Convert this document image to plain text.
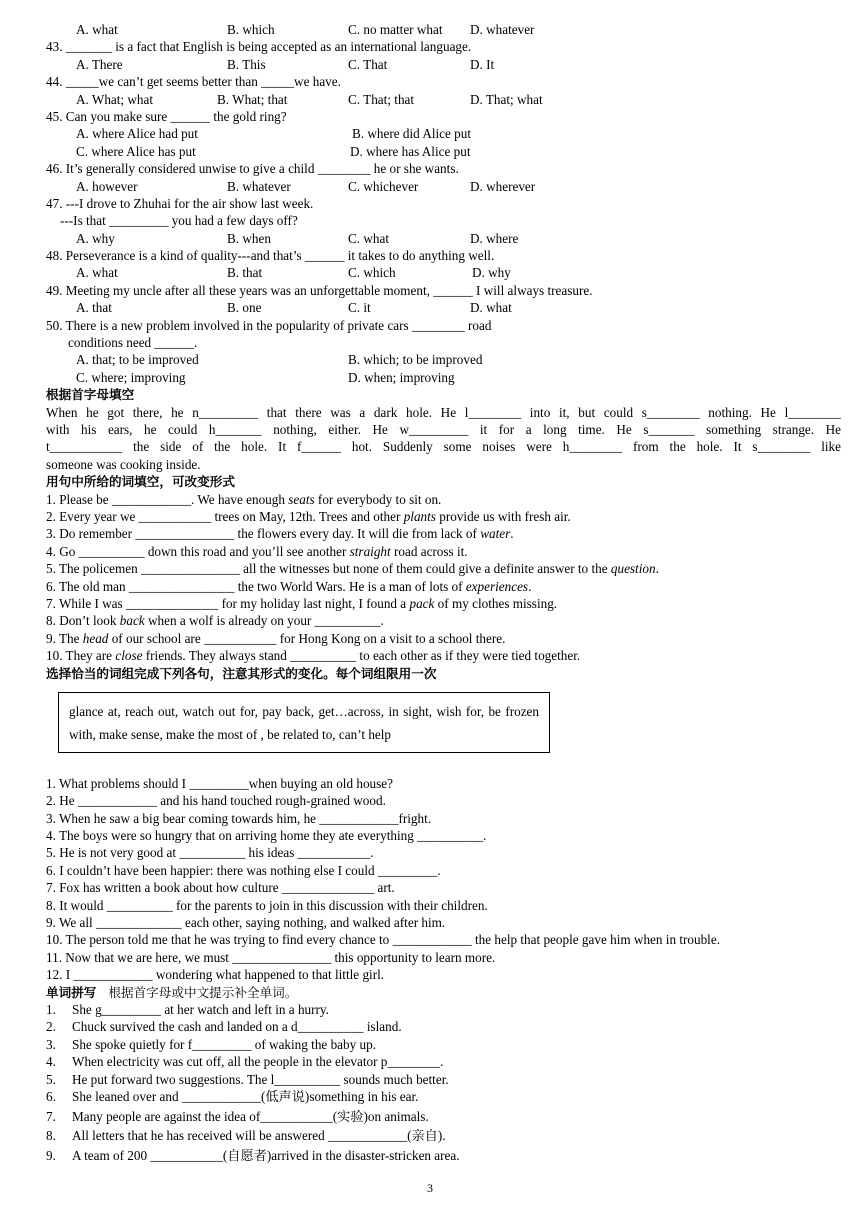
A. what	B. which	C. no matter what D. whatever
43. _______ is a fact that English is being accepted as an international language.
A. There	B. This	C. That	D. It
44. _____we can’t get seems better than _____we have.
A. What; what	B. What; that	C. That; that	D. That; what
45. Can you make sure ______ the gold ring?
A. where Alice had put	B. where did Alice put
C. where Alice has put	D. where has Alice put
46. It’s generally considered unwise to give a child ________ he or she wants.
A. however	B. whatever	C. whichever	D. wherever
47. ---I drove to Zhuhai for the air show last week.
---Is that _________ you had a few days off?
A. why	B. when	C. what	D. where
48. Perseverance is a kind of quality---and that’s ______ it takes to do anything well.
A. what	B. that	C. which	D. why
49. Meeting my uncle after all these years was an unforgettable moment, ______ I will always treasure.
A. that	B. one	C. it	D. what
50. There is a new problem involved in the popularity of private cars ________ road
conditions need ______.
A. that; to be improved	B. which; to be improved
C. where; improving	D. when; improving
根据首字母填空
When he got there, he n_________ that there was a dark hole. He l________ into it, but could s________ nothing. He l________
with his ears, he could h_______ nothing, either. He w_________ it for a long time. He s_______ something strange. He
t___________ the side of the hole. It f______ hot. Suddenly some noises were h________ from the hole. It s________ like
someone was cooking inside.
用句中所给的词填空，可改变形式
1. Please be ____________. We have enough seats for everybody to sit on.
2. Every year we ___________ trees on May, 12th. Trees and other plants provide us with fresh air.
3. Do remember _______________ the flowers every day. It will die from lack of water.
4. Go __________ down this road and you’ll see another straight road across it.
5. The policemen _______________ all the witnesses but none of them could give a definite answer to the question.
6. The old man ________________ the two World Wars. He is a man of lots of experiences.
7. While I was ______________ for my holiday last night, I found a pack of my clothes missing.
8. Don’t look back when a wolf is already on your __________.
9. The head of our school are ___________ for Hong Kong on a visit to a school there.
10. They are close friends. They always stand __________ to each other as if they were tied together.
选择恰当的词组完成下列各句，注意其形式的变化。每个词组限用一次
glance at, reach out, watch out for, pay back, get…across, in sight, wish for, be frozen with, make sense, make the most of , be related to, can’t help
1. What problems should I _________when buying an old house?
2. He ____________ and his hand touched rough-grained wood.
3. When he saw a big bear coming towards him, he ____________fright.
4. The boys were so hungry that on arriving home they ate everything __________.
5. He is not very good at __________ his ideas ___________.
6. I couldn’t have been happier: there was nothing else I could _________.
7. Fox has written a book about how culture ______________ art.
8. It would __________ for the parents to join in this discussion with their children.
9. We all _____________ each other, saying nothing, and walked after him.
10. The person told me that he was trying to find every chance to ____________ the help that people gave him when in trouble.
11. Now that we are here, we must _______________ this opportunity to learn more.
12. I ____________ wondering what happened to that little girl.
单词拼写 根据首字母或中文提示补全单词。
1. She g_________ at her watch and left in a hurry.
2. Chuck survived the cash and landed on a d__________ island.
3. She spoke quietly for f_________ of waking the baby up.
4. When electricity was cut off, all the people in the elevator p________.
5. He put forward two suggestions. The l__________ sounds much better.
6. She leaned over and ____________(低声说)something in his ear.
7. Many people are against the idea of___________(实验)on animals.
8. All letters that he has received will be answered ____________(亲自).
9. A team of 200 ___________(自愿者)arrived in the disaster-stricken area.
3
